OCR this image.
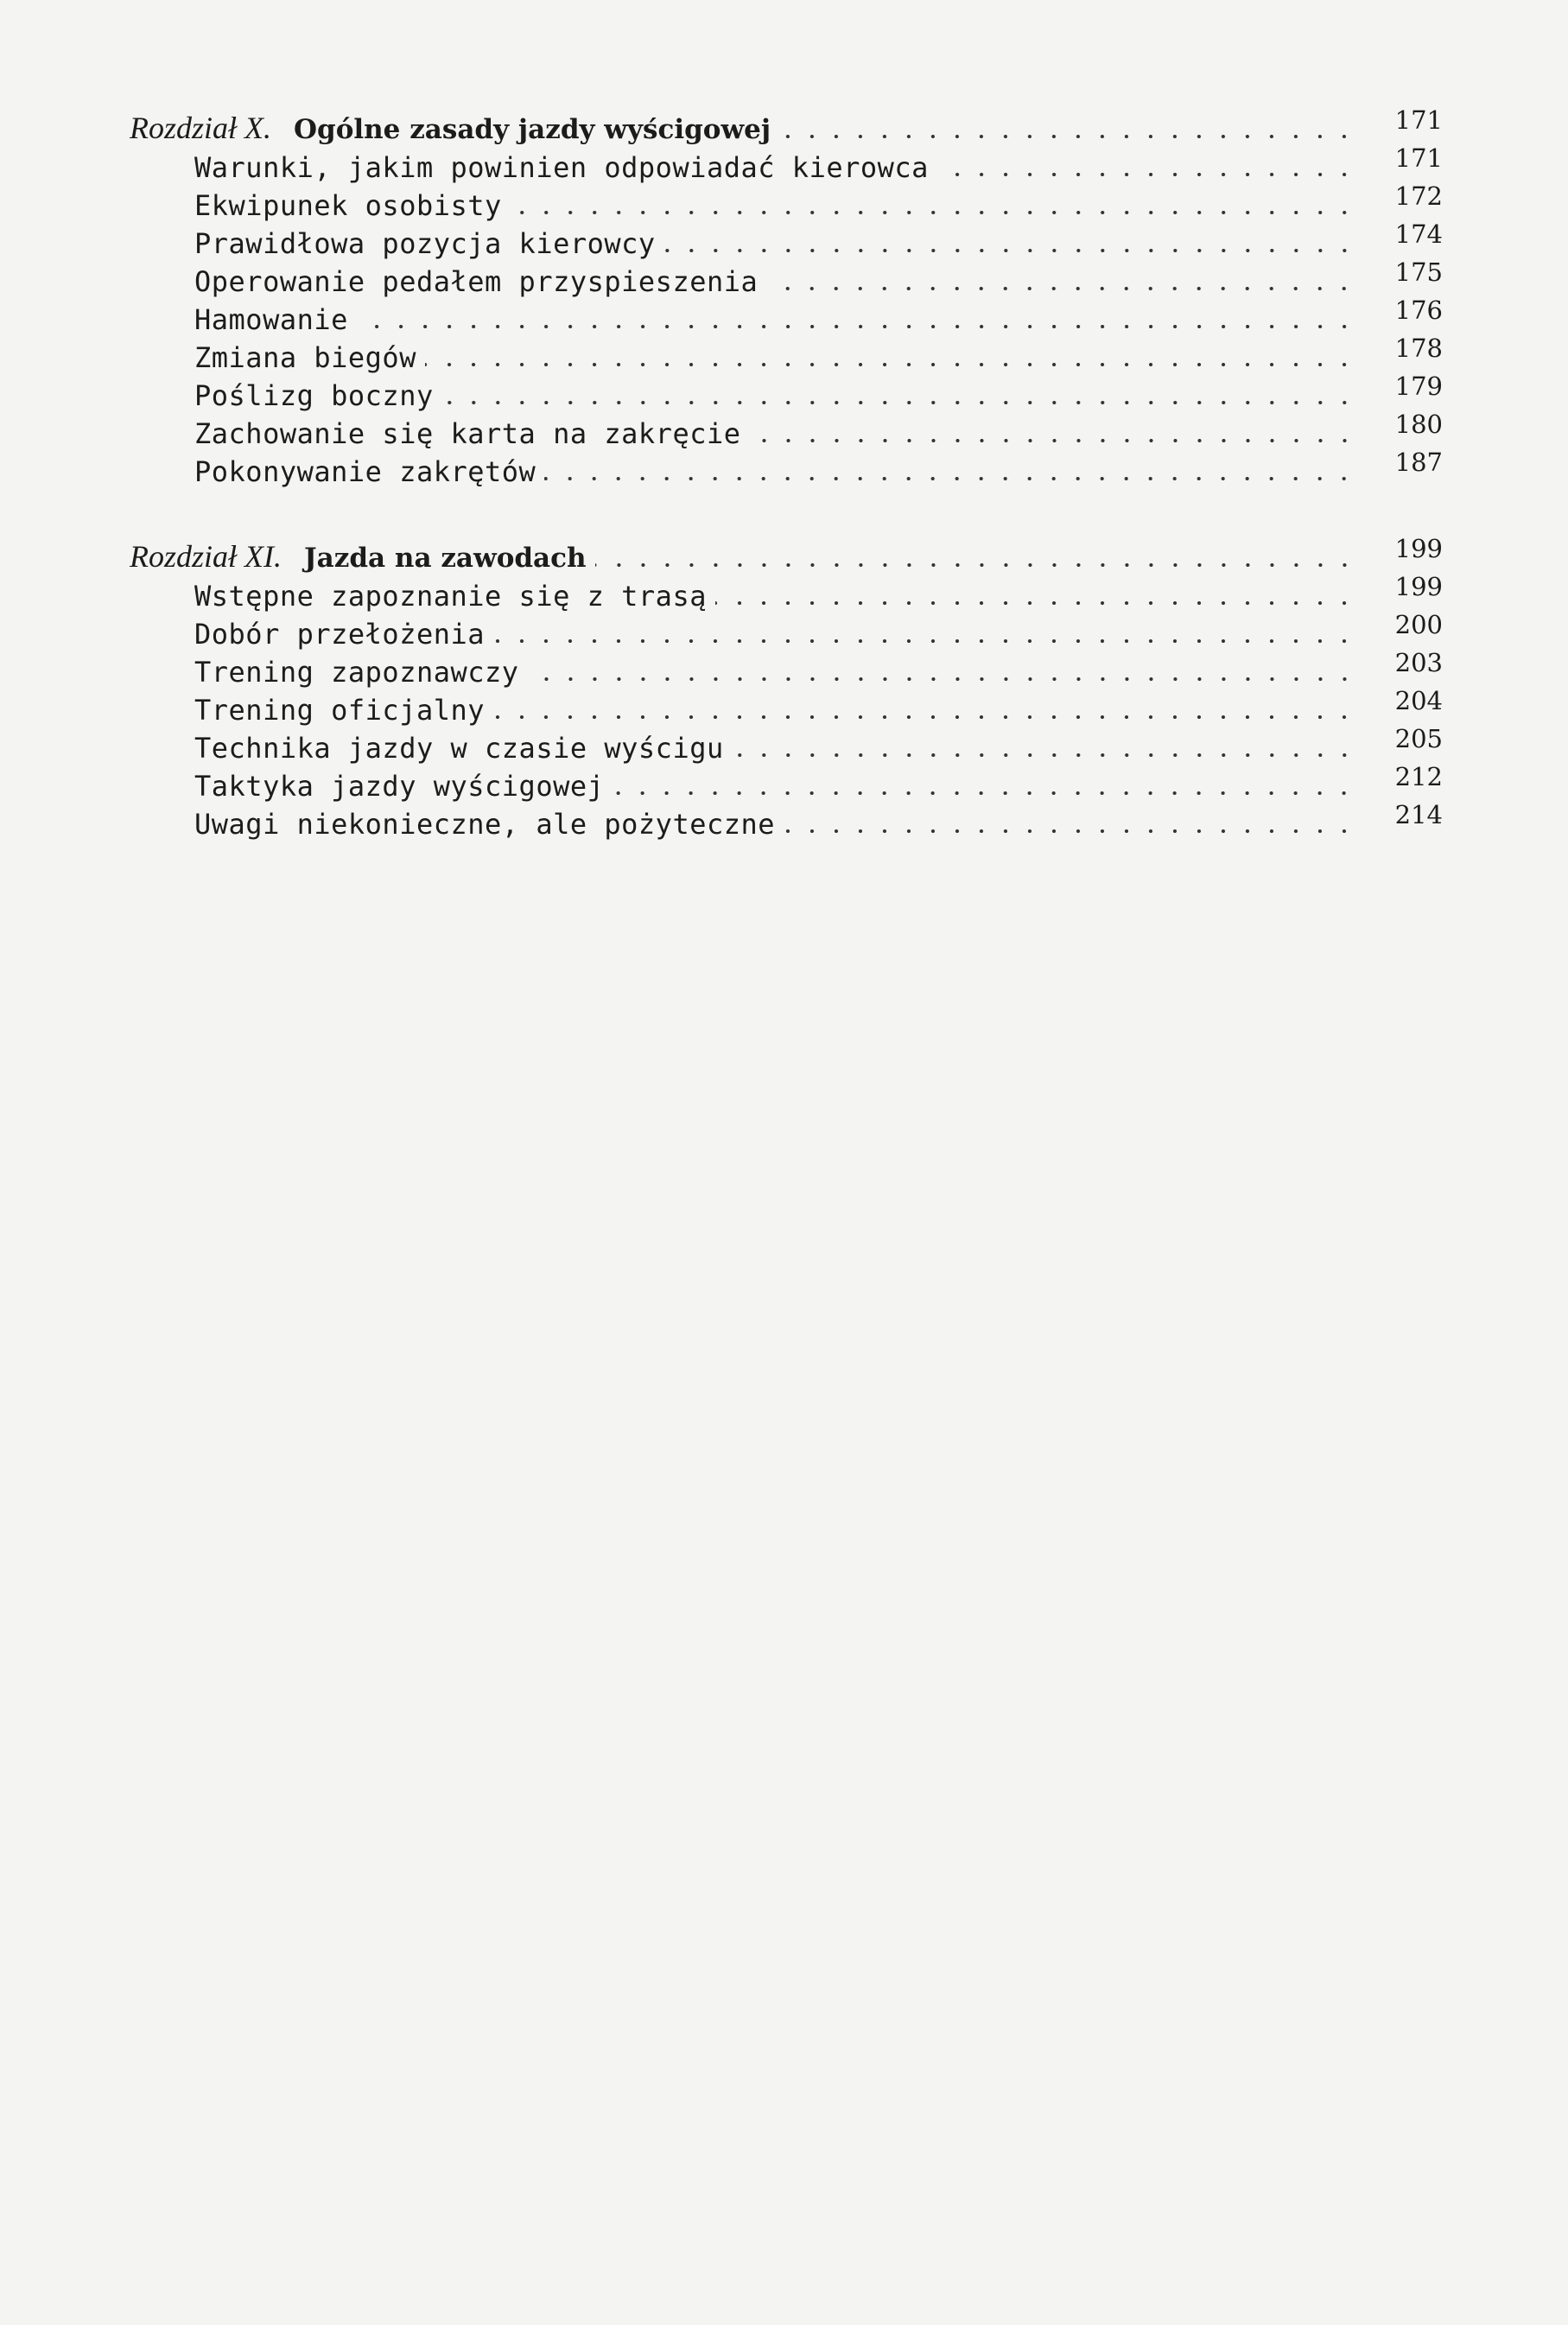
Rozdział X. Ogólne zasady jazdy wyścigowej	171
Warunki, jakim powinien odpowiadać kierowca	171
Ekwipunek osobisty	172
Prawidłowa pozycja kierowcy	174
Operowanie pedałem przyspieszenia	175
Hamowanie	176
Zmiana biegów	178
Poślizg boczny	179
Zachowanie się karta na zakręcie	180
Pokonywanie zakrętów	187
Rozdział XI. Jazda na zawodach	199
Wstępne zapoznanie się z trasą	199
Dobór przełożenia	200
Trening zapoznawczy	203
Trening oficjalny	204
Technika jazdy w czasie wyścigu	205
Taktyka jazdy wyścigowej	212
Uwagi niekonieczne, ale pożyteczne	214
